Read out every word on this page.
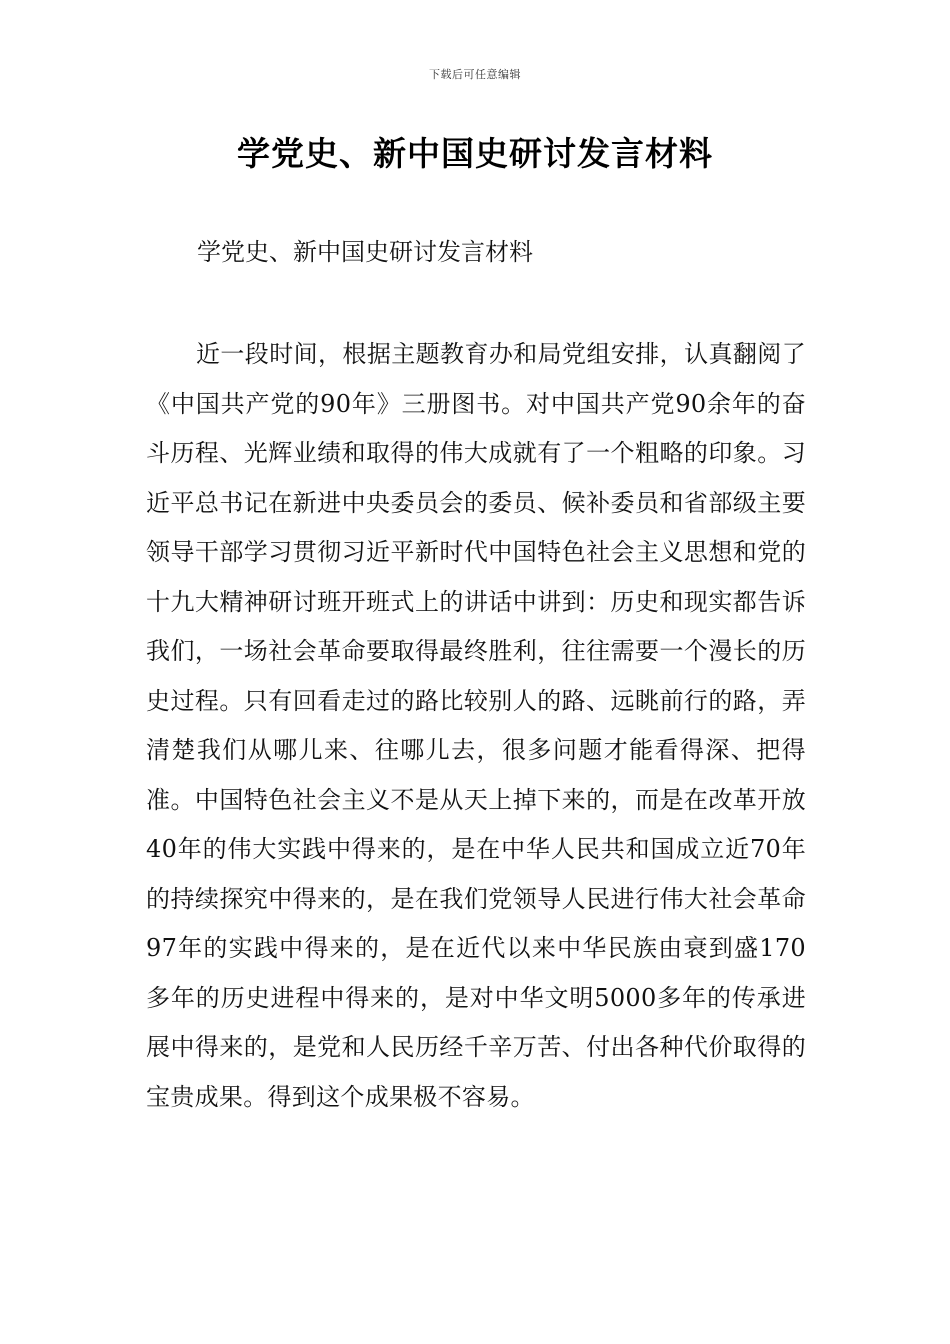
下载后可任意编辑
学党史、新中国史研讨发言材料

学党史、新中国史研讨发言材料

近一段时间，根据主题教育办和局党组安排，认真翻阅了《中国共产党的90年》三册图书。对中国共产党90余年的奋斗历程、光辉业绩和取得的伟大成就有了一个粗略的印象。习近平总书记在新进中央委员会的委员、候补委员和省部级主要领导干部学习贯彻习近平新时代中国特色社会主义思想和党的十九大精神研讨班开班式上的讲话中讲到：历史和现实都告诉我们，一场社会革命要取得最终胜利，往往需要一个漫长的历史过程。只有回看走过的路比较别人的路、远眺前行的路，弄清楚我们从哪儿来、往哪儿去，很多问题才能看得深、把得准。中国特色社会主义不是从天上掉下来的，而是在改革开放40年的伟大实践中得来的，是在中华人民共和国成立近70年的持续探究中得来的，是在我们党领导人民进行伟大社会革命97年的实践中得来的，是在近代以来中华民族由衰到盛170多年的历史进程中得来的，是对中华文明5000多年的传承进展中得来的，是党和人民历经千辛万苦、付出各种代价取得的宝贵成果。得到这个成果极不容易。
